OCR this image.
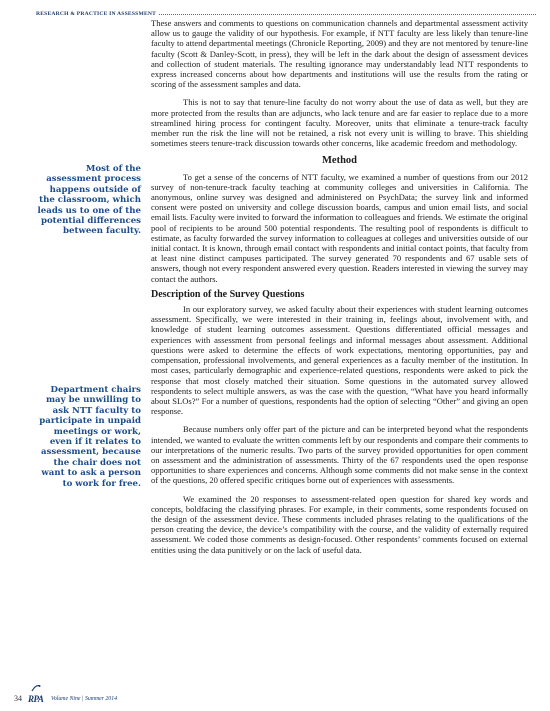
RESEARCH & PRACTICE IN ASSESSMENT
Most of the assessment process happens outside of the classroom, which leads us to one of the potential differences between faculty.
Department chairs may be unwilling to ask NTT faculty to participate in unpaid meetings or work, even if it relates to assessment, because the chair does not want to ask a person to work for free.

These answers and comments to questions on communication channels and departmental assessment activity allow us to gauge the validity of our hypothesis. For example, if NTT faculty are less likely than tenure-line faculty to attend departmental meetings (Chronicle Reporting, 2009) and they are not mentored by tenure-line faculty (Scott & Danley-Scott, in press), they will be left in the dark about the design of assessment devices and collection of student materials. The resulting ignorance may understandably lead NTT respondents to express increased concerns about how departments and institutions will use the results from the rating or scoring of the assessment samples and data.

This is not to say that tenure-line faculty do not worry about the use of data as well, but they are more protected from the results than are adjuncts, who lack tenure and are far easier to replace due to a more streamlined hiring process for contingent faculty. Moreover, units that eliminate a tenure-track faculty member run the risk the line will not be retained, a risk not every unit is willing to brave. This shielding sometimes steers tenure-track discussion towards other concerns, like academic freedom and methodology.

Method

To get a sense of the concerns of NTT faculty, we examined a number of questions from our 2012 survey of non-tenure-track faculty teaching at community colleges and universities in California. The anonymous, online survey was designed and administered on PsychData; the survey link and informed consent were posted on university and college discussion boards, campus and union email lists, and social email lists. Faculty were invited to forward the information to colleagues and friends. We estimate the original pool of recipients to be around 500 potential respondents. The resulting pool of respondents is difficult to estimate, as faculty forwarded the survey information to colleagues at colleges and universities outside of our initial contact. It is known, through email contact with respondents and initial contact points, that faculty from at least nine distinct campuses participated. The survey generated 70 respondents and 67 usable sets of answers, though not every respondent answered every question. Readers interested in viewing the survey may contact the authors.

Description of the Survey Questions

In our exploratory survey, we asked faculty about their experiences with student learning outcomes assessment. Specifically, we were interested in their training in, feelings about, involvement with, and knowledge of student learning outcomes assessment. Questions differentiated official messages and experiences with assessment from personal feelings and informal messages about assessment. Additional questions were asked to determine the effects of work expectations, mentoring opportunities, pay and compensation, professional involvements, and general experiences as a faculty member of the institution. In most cases, particularly demographic and experience-related questions, respondents were asked to pick the response that most closely matched their situation. Some questions in the automated survey allowed respondents to select multiple answers, as was the case with the question, “What have you heard informally about SLOs?” For a number of questions, respondents had the option of selecting “Other” and giving an open response.

Because numbers only offer part of the picture and can be interpreted beyond what the respondents intended, we wanted to evaluate the written comments left by our respondents and compare their comments to our interpretations of the numeric results. Two parts of the survey provided opportunities for open comment on assessment and the administration of assessments. Thirty of the 67 respondents used the open response opportunities to share experiences and concerns. Although some comments did not make sense in the context of the questions, 20 offered specific critiques borne out of experiences with assessments.

We examined the 20 responses to assessment-related open question for shared key words and concepts, boldfacing the classifying phrases. For example, in their comments, some respondents focused on the design of the assessment device. These comments included phrases relating to the qualifications of the person creating the device, the device’s compatibility with the course, and the validity of externally required assessment. We coded those comments as design-focused. Other respondents’ comments focused on external entities using the data punitively or on the lack of useful data.

34 RPA Volume Nine | Summer 2014
